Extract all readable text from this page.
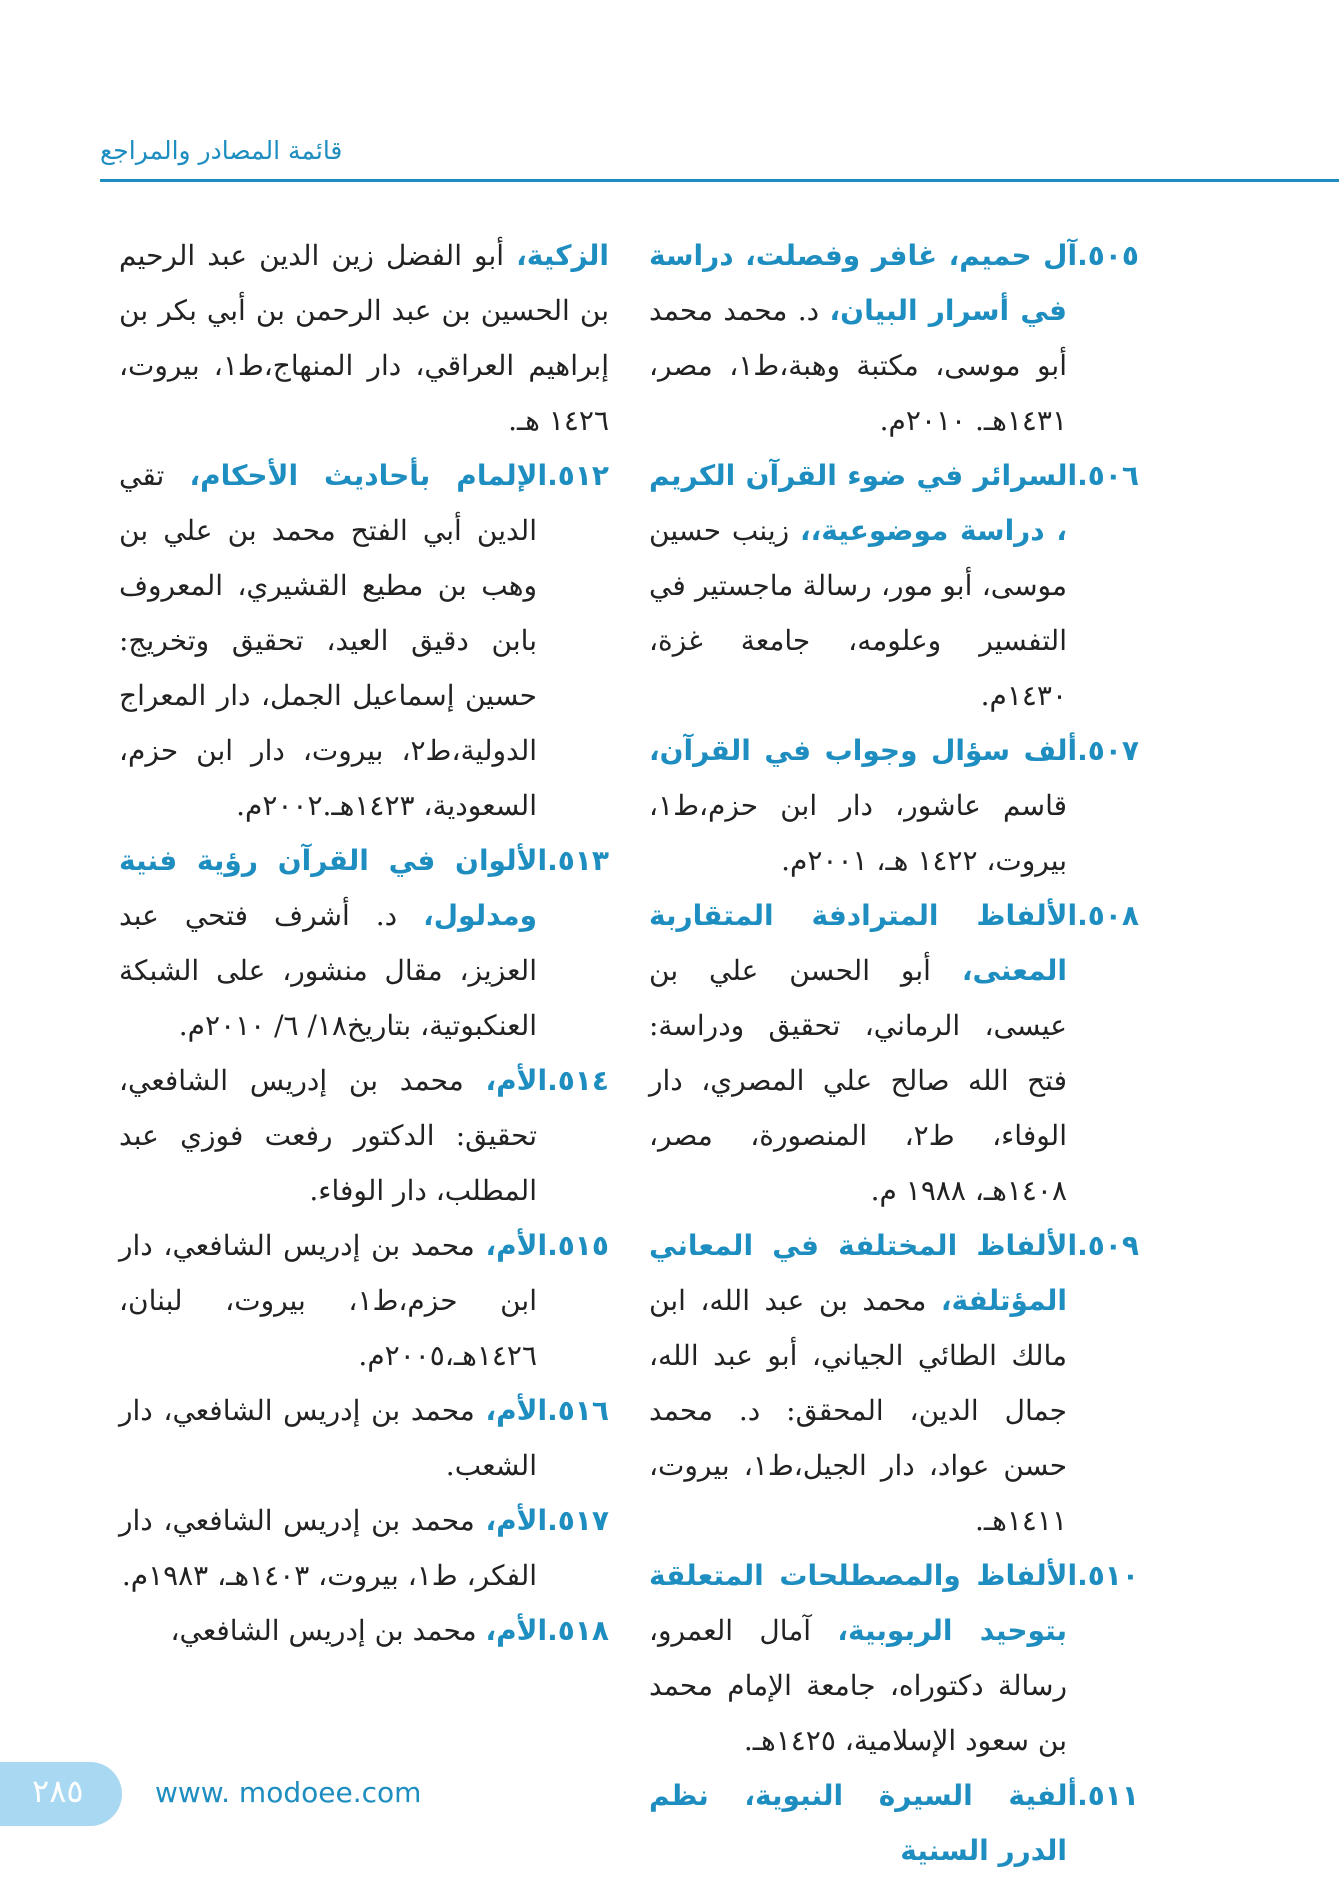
قائمة المصادر والمراجع

٥٠٥.آل حميم، غافر وفصلت، دراسة في أسرار البيان، د. محمد محمد أبو موسى، مكتبة وهبة،ط١، مصر، ١٤٣١هـ. ٢٠١٠م.

٥٠٦.السرائر في ضوء القرآن الكريم ، دراسة موضوعية،، زينب حسين موسى، أبو مور، رسالة ماجستير في التفسير وعلومه، جامعة غزة، ١٤٣٠م.

٥٠٧.ألف سؤال وجواب في القرآن، قاسم عاشور، دار ابن حزم،ط١، بيروت، ١٤٢٢ هـ، ٢٠٠١م.

٥٠٨.الألفاظ المترادفة المتقاربة المعنى، أبو الحسن علي بن عيسى، الرماني، تحقيق ودراسة: فتح الله صالح علي المصري، دار الوفاء، ط٢، المنصورة، مصر، ١٤٠٨هـ، ١٩٨٨ م.

٥٠٩.الألفاظ المختلفة في المعاني المؤتلفة، محمد بن عبد الله، ابن مالك الطائي الجياني، أبو عبد الله، جمال الدين، المحقق: د. محمد حسن عواد، دار الجيل،ط١، بيروت، ١٤١١هـ.

٥١٠.الألفاظ والمصطلحات المتعلقة بتوحيد الربوبية، آمال العمرو، رسالة دكتوراه، جامعة الإمام محمد بن سعود الإسلامية، ١٤٢٥هـ.

٥١١.ألفية السيرة النبوية، نظم الدرر السنية

الزكية، أبو الفضل زين الدين عبد الرحيم بن الحسين بن عبد الرحمن بن أبي بكر بن إبراهيم العراقي، دار المنهاج،ط١، بيروت، ١٤٢٦ هـ.

٥١٢.الإلمام بأحاديث الأحكام، تقي الدين أبي الفتح محمد بن علي بن وهب بن مطيع القشيري، المعروف بابن دقيق العيد، تحقيق وتخريج: حسين إسماعيل الجمل، دار المعراج الدولية،ط٢، بيروت، دار ابن حزم، السعودية، ١٤٢٣هـ.٢٠٠٢م.

٥١٣.الألوان في القرآن رؤية فنية ومدلول، د. أشرف فتحي عبد العزيز، مقال منشور، على الشبكة العنكبوتية، بتاريخ١٨/ ٦/ ٢٠١٠م.

٥١٤.الأم، محمد بن إدريس الشافعي، تحقيق: الدكتور رفعت فوزي عبد المطلب، دار الوفاء.

٥١٥.الأم، محمد بن إدريس الشافعي، دار ابن حزم،ط١، بيروت، لبنان، ١٤٢٦هـ،٢٠٠٥م.

٥١٦.الأم، محمد بن إدريس الشافعي، دار الشعب.

٥١٧.الأم، محمد بن إدريس الشافعي، دار الفكر، ط١، بيروت، ١٤٠٣هـ، ١٩٨٣م.

٥١٨.الأم، محمد بن إدريس الشافعي،

٢٨٥	www. modoee.com
